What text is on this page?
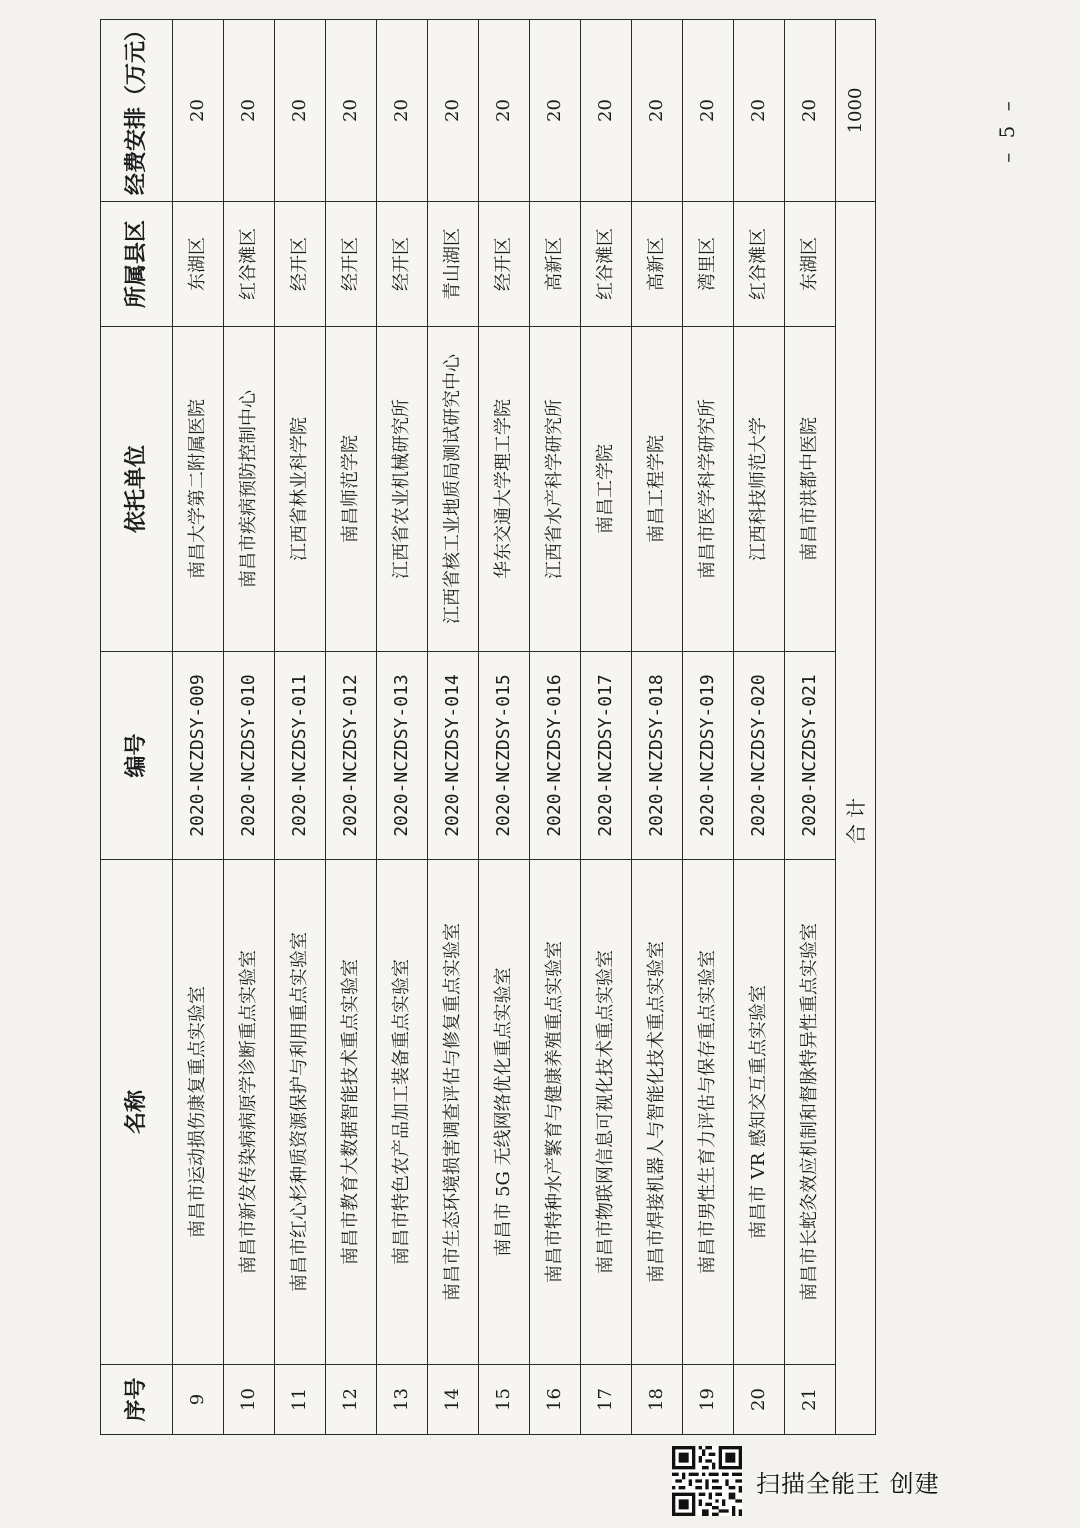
序号	名称	编号	依托单位	所属县区	经费安排（万元）
9	南昌市运动损伤康复重点实验室	2020-NCZDSY-009	南昌大学第二附属医院	东湖区	20
10	南昌市新发传染病病原学诊断重点实验室	2020-NCZDSY-010	南昌市疾病预防控制中心	红谷滩区	20
11	南昌市红心杉种质资源保护与利用重点实验室	2020-NCZDSY-011	江西省林业科学院	经开区	20
12	南昌市教育大数据智能技术重点实验室	2020-NCZDSY-012	南昌师范学院	经开区	20
13	南昌市特色农产品加工装备重点实验室	2020-NCZDSY-013	江西省农业机械研究所	经开区	20
14	南昌市生态环境损害调查评估与修复重点实验室	2020-NCZDSY-014	江西省核工业地质局测试研究中心	青山湖区	20
15	南昌市 5G 无线网络优化重点实验室	2020-NCZDSY-015	华东交通大学理工学院	经开区	20
16	南昌市特种水产繁育与健康养殖重点实验室	2020-NCZDSY-016	江西省水产科学研究所	高新区	20
17	南昌市物联网信息可视化技术重点实验室	2020-NCZDSY-017	南昌工学院	红谷滩区	20
18	南昌市焊接机器人与智能化技术重点实验室	2020-NCZDSY-018	南昌工程学院	高新区	20
19	南昌市男性生育力评估与保存重点实验室	2020-NCZDSY-019	南昌市医学科学研究所	湾里区	20
20	南昌市 VR 感知交互重点实验室	2020-NCZDSY-020	江西科技师范大学	红谷滩区	20
21	南昌市长蛇灸效应机制和督脉特异性重点实验室	2020-NCZDSY-021	南昌市洪都中医院	东湖区	20
合计					1000	– 5 –
扫描全能王 创建
